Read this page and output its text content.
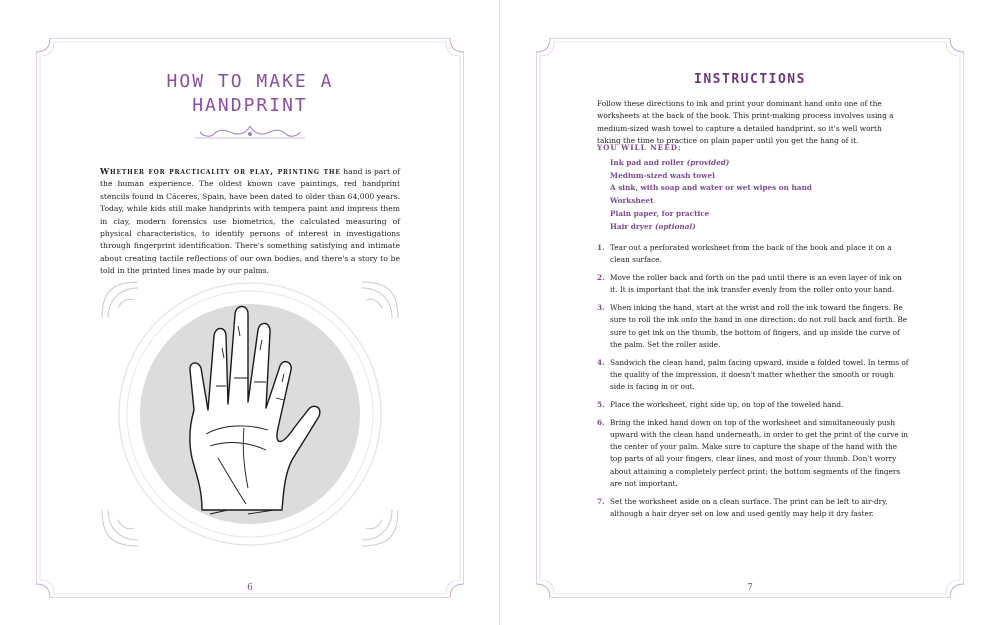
HOW TO MAKE A
HANDPRINT
Whether for practicality or play, printing the hand is part of the human experience. The oldest known cave paintings, red handprint stencils found in Cáceres, Spain, have been dated to older than 64,000 years. Today, while kids still make handprints with tempera paint and impress them in clay, modern forensics use biometrics, the calculated measuring of physical characteristics, to identify persons of interest in investigations through fingerprint identification. There's something satisfying and intimate about creating tactile reflections of our own bodies, and there's a story to be told in the printed lines made by our palms.
6
INSTRUCTIONS
Follow these directions to ink and print your dominant hand onto one of the worksheets at the back of the book. This print-making process involves using a medium-sized wash towel to capture a detailed handprint, so it's well worth taking the time to practice on plain paper until you get the hang of it.
YOU WILL NEED:
Ink pad and roller (provided)
Medium-sized wash towel
A sink, with soap and water or wet wipes on hand
Worksheet
Plain paper, for practice
Hair dryer (optional)
1. Tear out a perforated worksheet from the back of the book and place it on a clean surface.
2. Move the roller back and forth on the pad until there is an even layer of ink on it. It is important that the ink transfer evenly from the roller onto your hand.
3. When inking the hand, start at the wrist and roll the ink toward the fingers. Be sure to roll the ink onto the hand in one direction: do not roll back and forth. Be sure to get ink on the thumb, the bottom of fingers, and up inside the curve of the palm. Set the roller aside.
4. Sandwich the clean hand, palm facing upward, inside a folded towel. In terms of the quality of the impression, it doesn't matter whether the smooth or rough side is facing in or out.
5. Place the worksheet, right side up, on top of the toweled hand.
6. Bring the inked hand down on top of the worksheet and simultaneously push upward with the clean hand underneath, in order to get the print of the curve in the center of your palm. Make sure to capture the shape of the hand with the top parts of all your fingers, clear lines, and most of your thumb. Don't worry about attaining a completely perfect print; the bottom segments of the fingers are not important.
7. Set the worksheet aside on a clean surface. The print can be left to air-dry, although a hair dryer set on low and used gently may help it dry faster.
7
